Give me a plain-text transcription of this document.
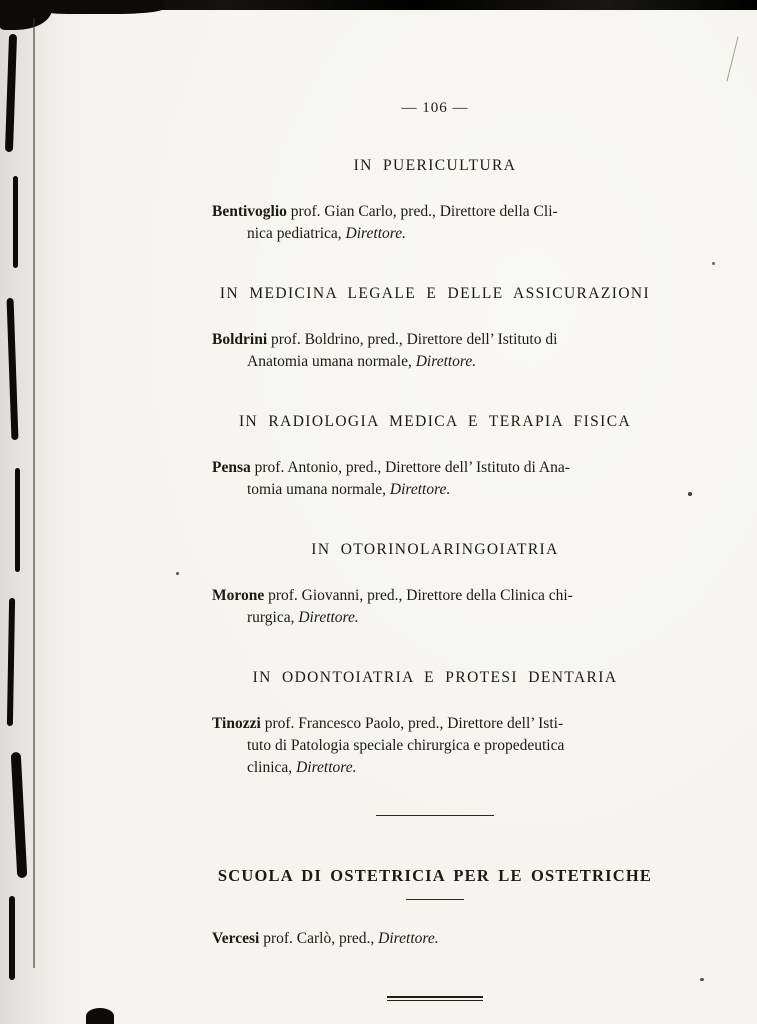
— 106 —
IN PUERICULTURA

Bentivoglio prof. Gian Carlo, pred., Direttore della Cli-
nica pediatrica, Direttore.

IN MEDICINA LEGALE E DELLE ASSICURAZIONI

Boldrini prof. Boldrino, pred., Direttore dell’ Istituto di
Anatomia umana normale, Direttore.

IN RADIOLOGIA MEDICA E TERAPIA FISICA

Pensa prof. Antonio, pred., Direttore dell’ Istituto di Ana-
tomia umana normale, Direttore.

IN OTORINOLARINGOIATRIA

Morone prof. Giovanni, pred., Direttore della Clinica chi-
rurgica, Direttore.

IN ODONTOIATRIA E PROTESI DENTARIA

Tinozzi prof. Francesco Paolo, pred., Direttore dell’ Isti-
tuto di Patologia speciale chirurgica e propedeutica
clinica, Direttore.

SCUOLA DI OSTETRICIA PER LE OSTETRICHE

Vercesi prof. Carlò, pred., Direttore.
